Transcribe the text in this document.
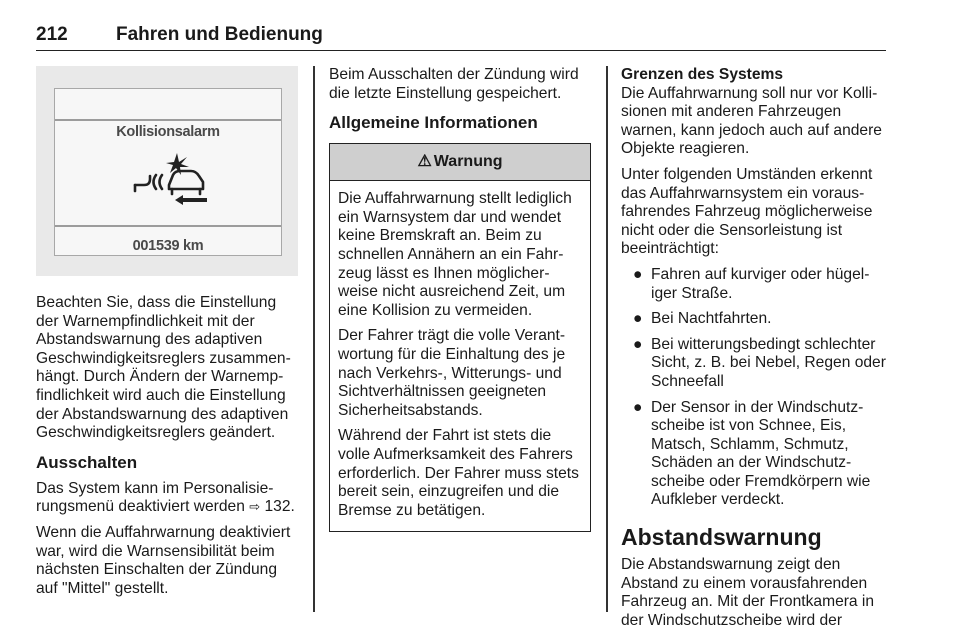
212	Fahren und Bedienung
Kollisionsalarm
001539 km

Beachten Sie, dass die Einstellung der Warnempfindlichkeit mit der Abstandswarnung des adaptiven Geschwindigkeitsreglers zusammenhängt. Durch Ändern der Warnempfindlichkeit wird auch die Einstellung der Abstandswarnung des adaptiven Geschwindigkeitsreglers geändert.

Ausschalten

Das System kann im Personalisierungsmenü deaktiviert werden ⇨ 132.

Wenn die Auffahrwarnung deaktiviert war, wird die Warnsensibilität beim nächsten Einschalten der Zündung auf "Mittel" gestellt.

Beim Ausschalten der Zündung wird die letzte Einstellung gespeichert.

Allgemeine Informationen
⚠ Warnung

Die Auffahrwarnung stellt lediglich ein Warnsystem dar und wendet keine Bremskraft an. Beim zu schnellen Annähern an ein Fahrzeug lässt es Ihnen möglicherweise nicht ausreichend Zeit, um eine Kollision zu vermeiden.

Der Fahrer trägt die volle Verantwortung für die Einhaltung des je nach Verkehrs-, Witterungs- und Sichtverhältnissen geeigneten Sicherheitsabstands.

Während der Fahrt ist stets die volle Aufmerksamkeit des Fahrers erforderlich. Der Fahrer muss stets bereit sein, einzugreifen und die Bremse zu betätigen.

Grenzen des Systems

Die Auffahrwarnung soll nur vor Kollisionen mit anderen Fahrzeugen warnen, kann jedoch auch auf andere Objekte reagieren.

Unter folgenden Umständen erkennt das Auffahrwarnsystem ein vorausfahrendes Fahrzeug möglicherweise nicht oder die Sensorleistung ist beeinträchtigt:

● Fahren auf kurviger oder hügeliger Straße.
● Bei Nachtfahrten.
● Bei witterungsbedingt schlechter Sicht, z. B. bei Nebel, Regen oder Schneefall
● Der Sensor in der Windschutzscheibe ist von Schnee, Eis, Matsch, Schlamm, Schmutz, Schäden an der Windschutzscheibe oder Fremdkörpern wie Aufkleber verdeckt.
Abstandswarnung

Die Abstandswarnung zeigt den Abstand zu einem vorausfahrenden Fahrzeug an. Mit der Frontkamera in der Windschutzscheibe wird der
